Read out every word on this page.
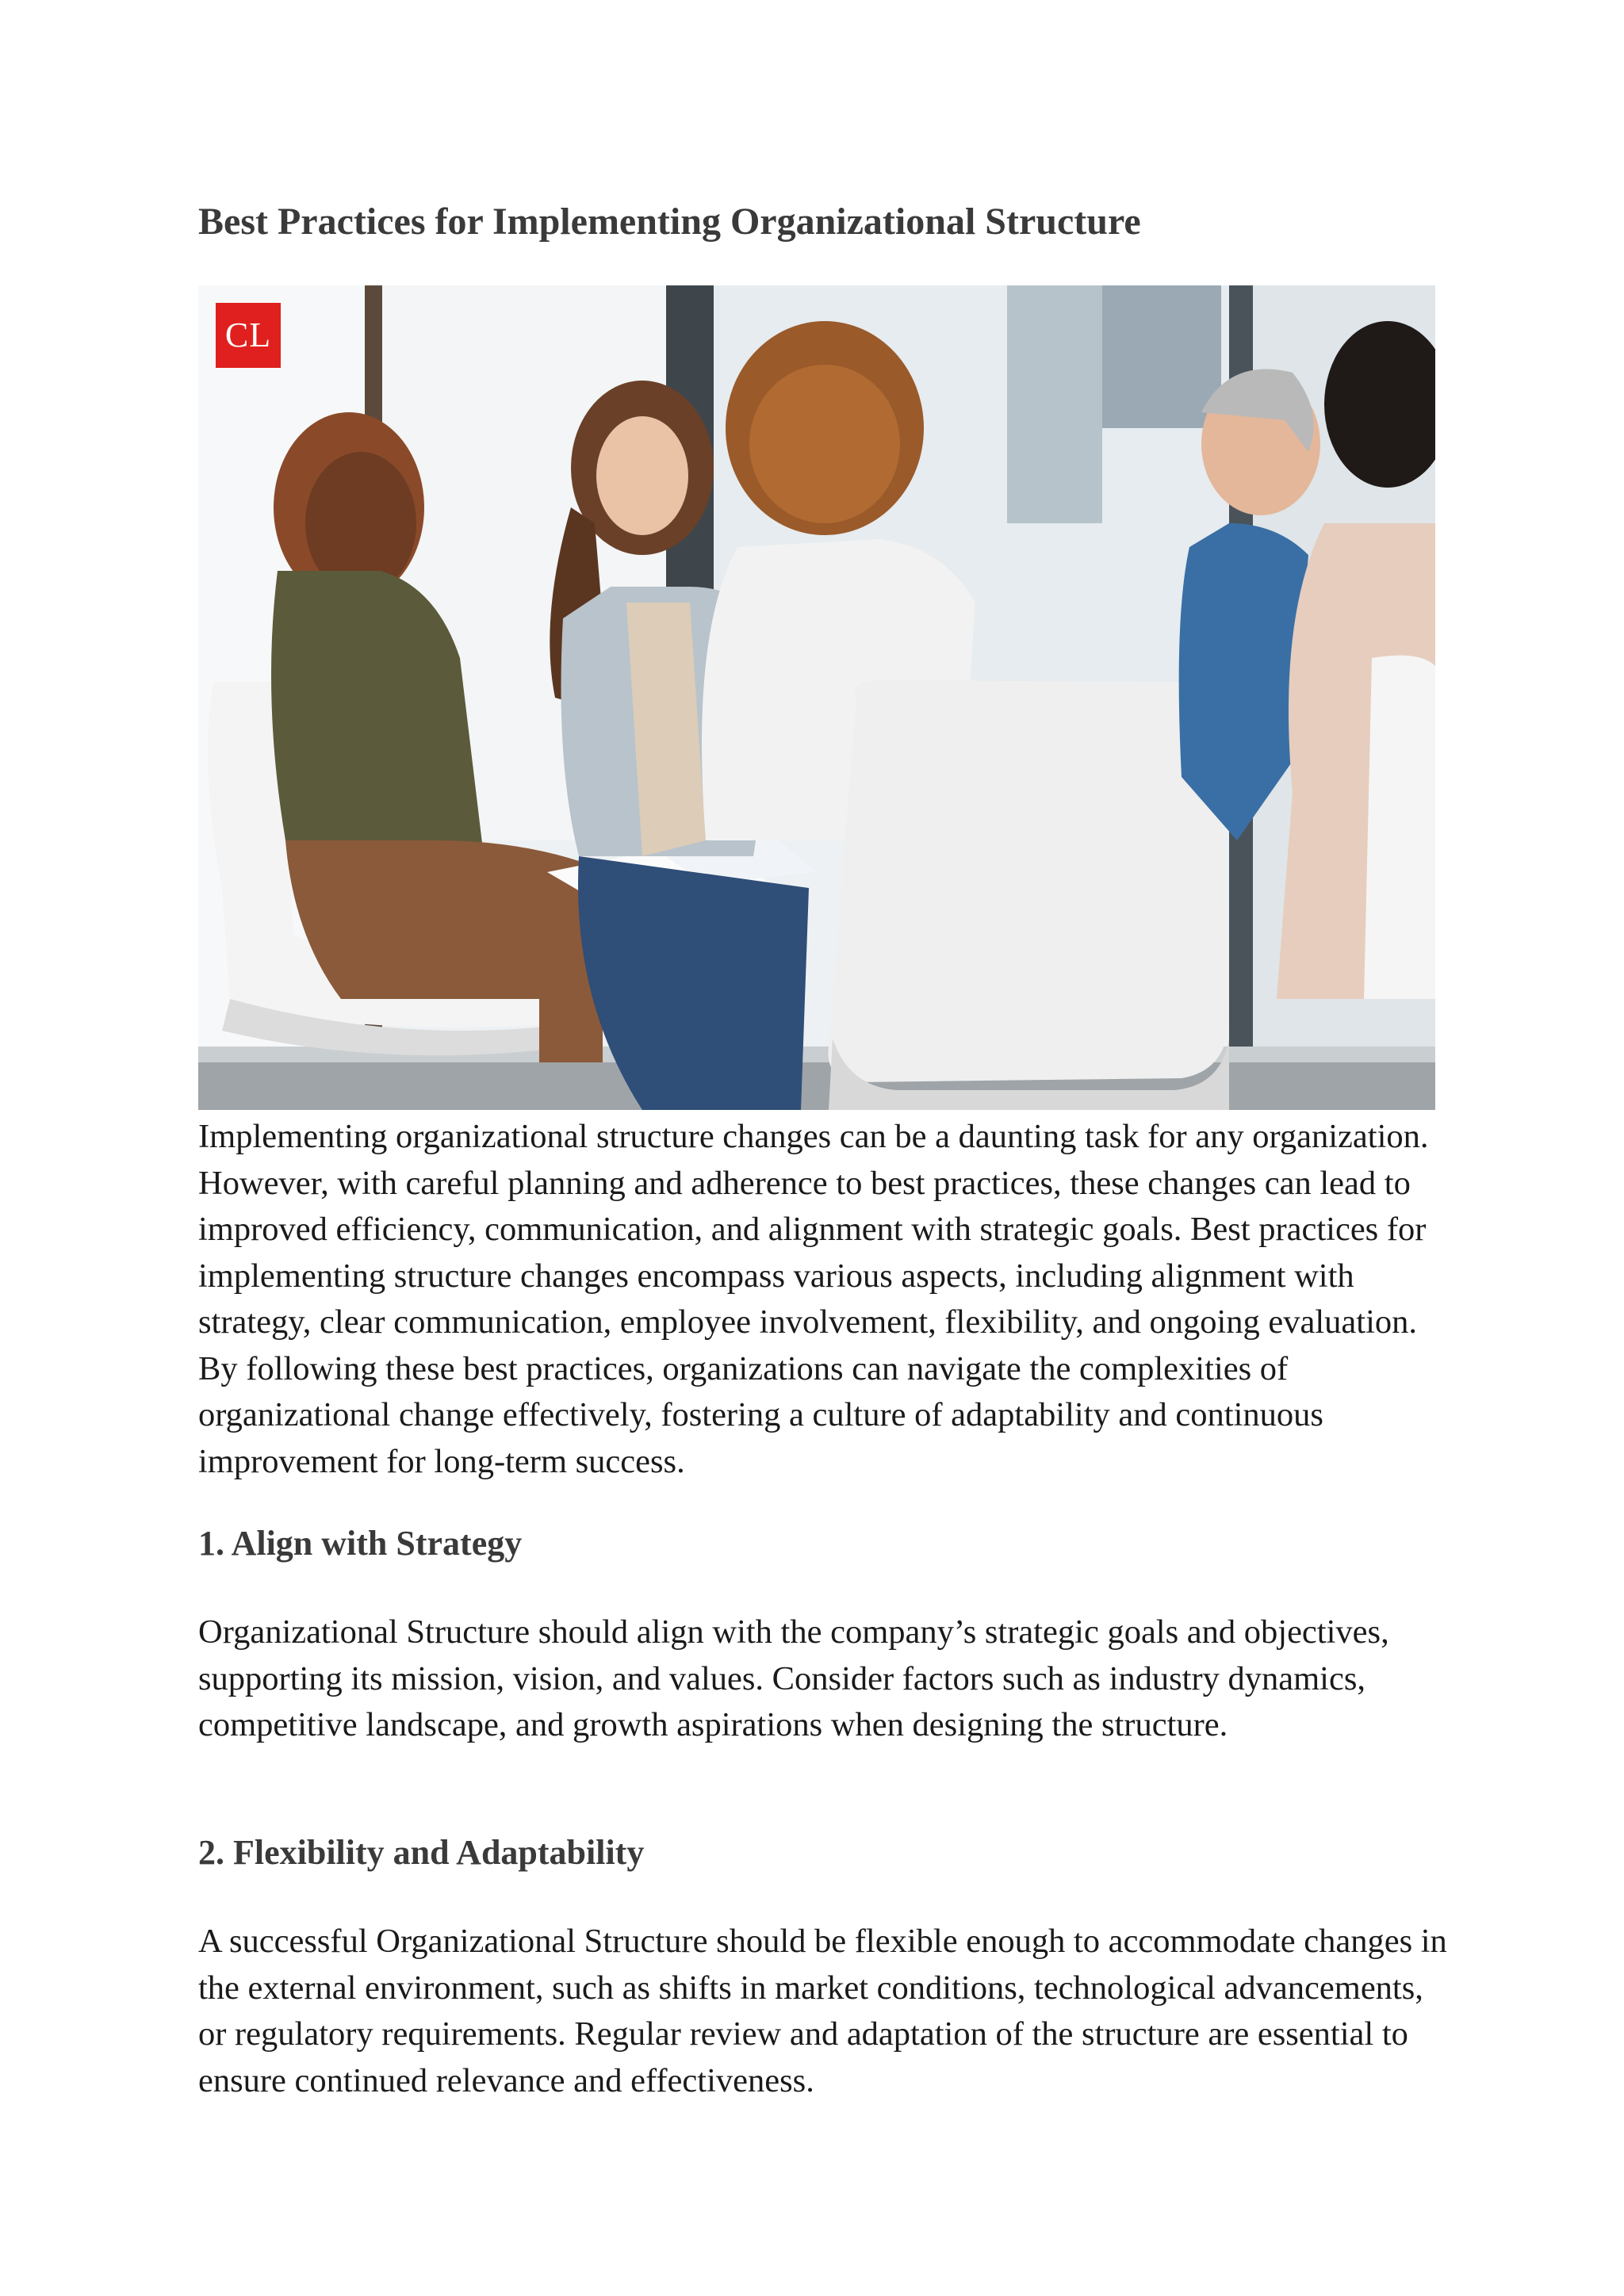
Best Practices for Implementing Organizational Structure
CL

Implementing organizational structure changes can be a daunting task for any organization. However, with careful planning and adherence to best practices, these changes can lead to improved efficiency, communication, and alignment with strategic goals. Best practices for implementing structure changes encompass various aspects, including alignment with strategy, clear communication, employee involvement, flexibility, and ongoing evaluation. By following these best practices, organizations can navigate the complexities of organizational change effectively, fostering a culture of adaptability and continuous improvement for long-term success.

1. Align with Strategy

Organizational Structure should align with the company’s strategic goals and objectives, supporting its mission, vision, and values. Consider factors such as industry dynamics, competitive landscape, and growth aspirations when designing the structure.

2. Flexibility and Adaptability

A successful Organizational Structure should be flexible enough to accommodate changes in the external environment, such as shifts in market conditions, technological advancements, or regulatory requirements. Regular review and adaptation of the structure are essential to ensure continued relevance and effectiveness.
